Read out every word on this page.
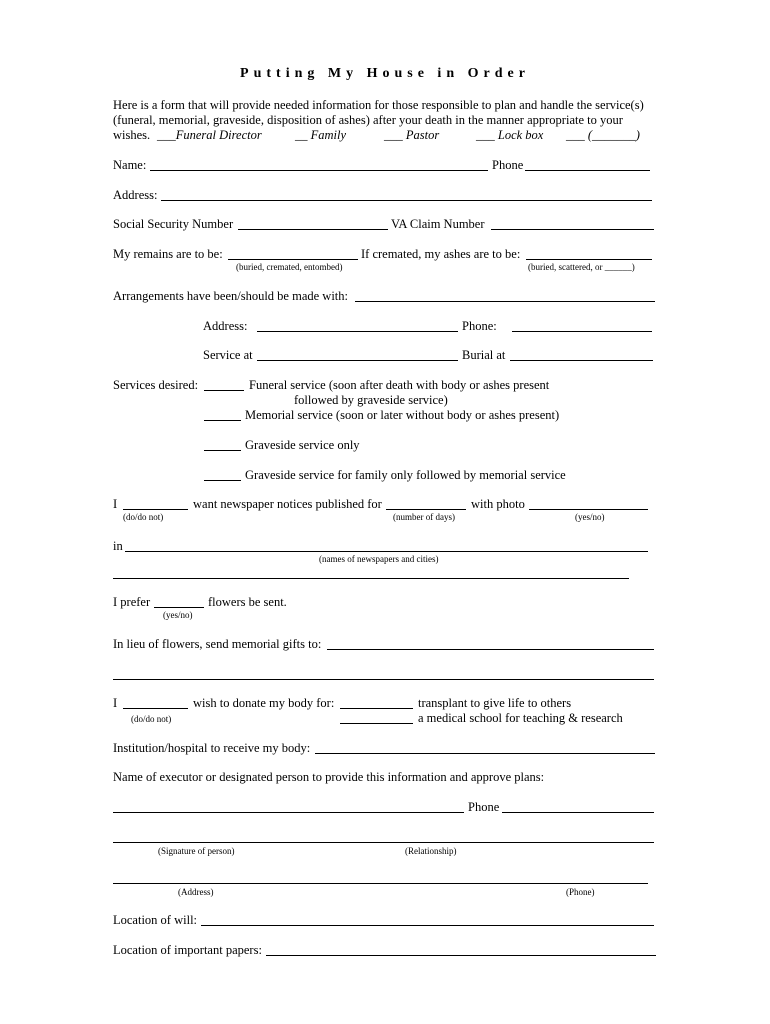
Putting My House in Order
Here is a form that will provide needed information for those responsible to plan and handle the service(s)
(funeral, memorial, graveside, disposition of ashes) after your death in the manner appropriate to your
wishes. ___Funeral Director	__ Family	___ Pastor	___ Lock box ___ (_______)
Name:	Phone
Address:
Social Security Number	VA Claim Number
My remains are to be:	If cremated, my ashes are to be:
(buried, cremated, entombed)	(buried, scattered, or ______)
Arrangements have been/should be made with:
Address:	Phone:
Service at	Burial at
Services desired:	Funeral service (soon after death with body or ashes present
followed by graveside service)
Memorial service (soon or later without body or ashes present)
Graveside service only
Graveside service for family only followed by memorial service
I	want newspaper notices published for	with photo
(do/do not)	(number of days)	(yes/no)
in
(names of newspapers and cities)
I prefer	flowers be sent.
(yes/no)
In lieu of flowers, send memorial gifts to:
I	wish to donate my body for:	transplant to give life to others
a medical school for teaching & research
(do/do not)
Institution/hospital to receive my body:
Name of executor or designated person to provide this information and approve plans:
Phone
(Signature of person)	(Relationship)
(Address)	(Phone)
Location of will:
Location of important papers:
